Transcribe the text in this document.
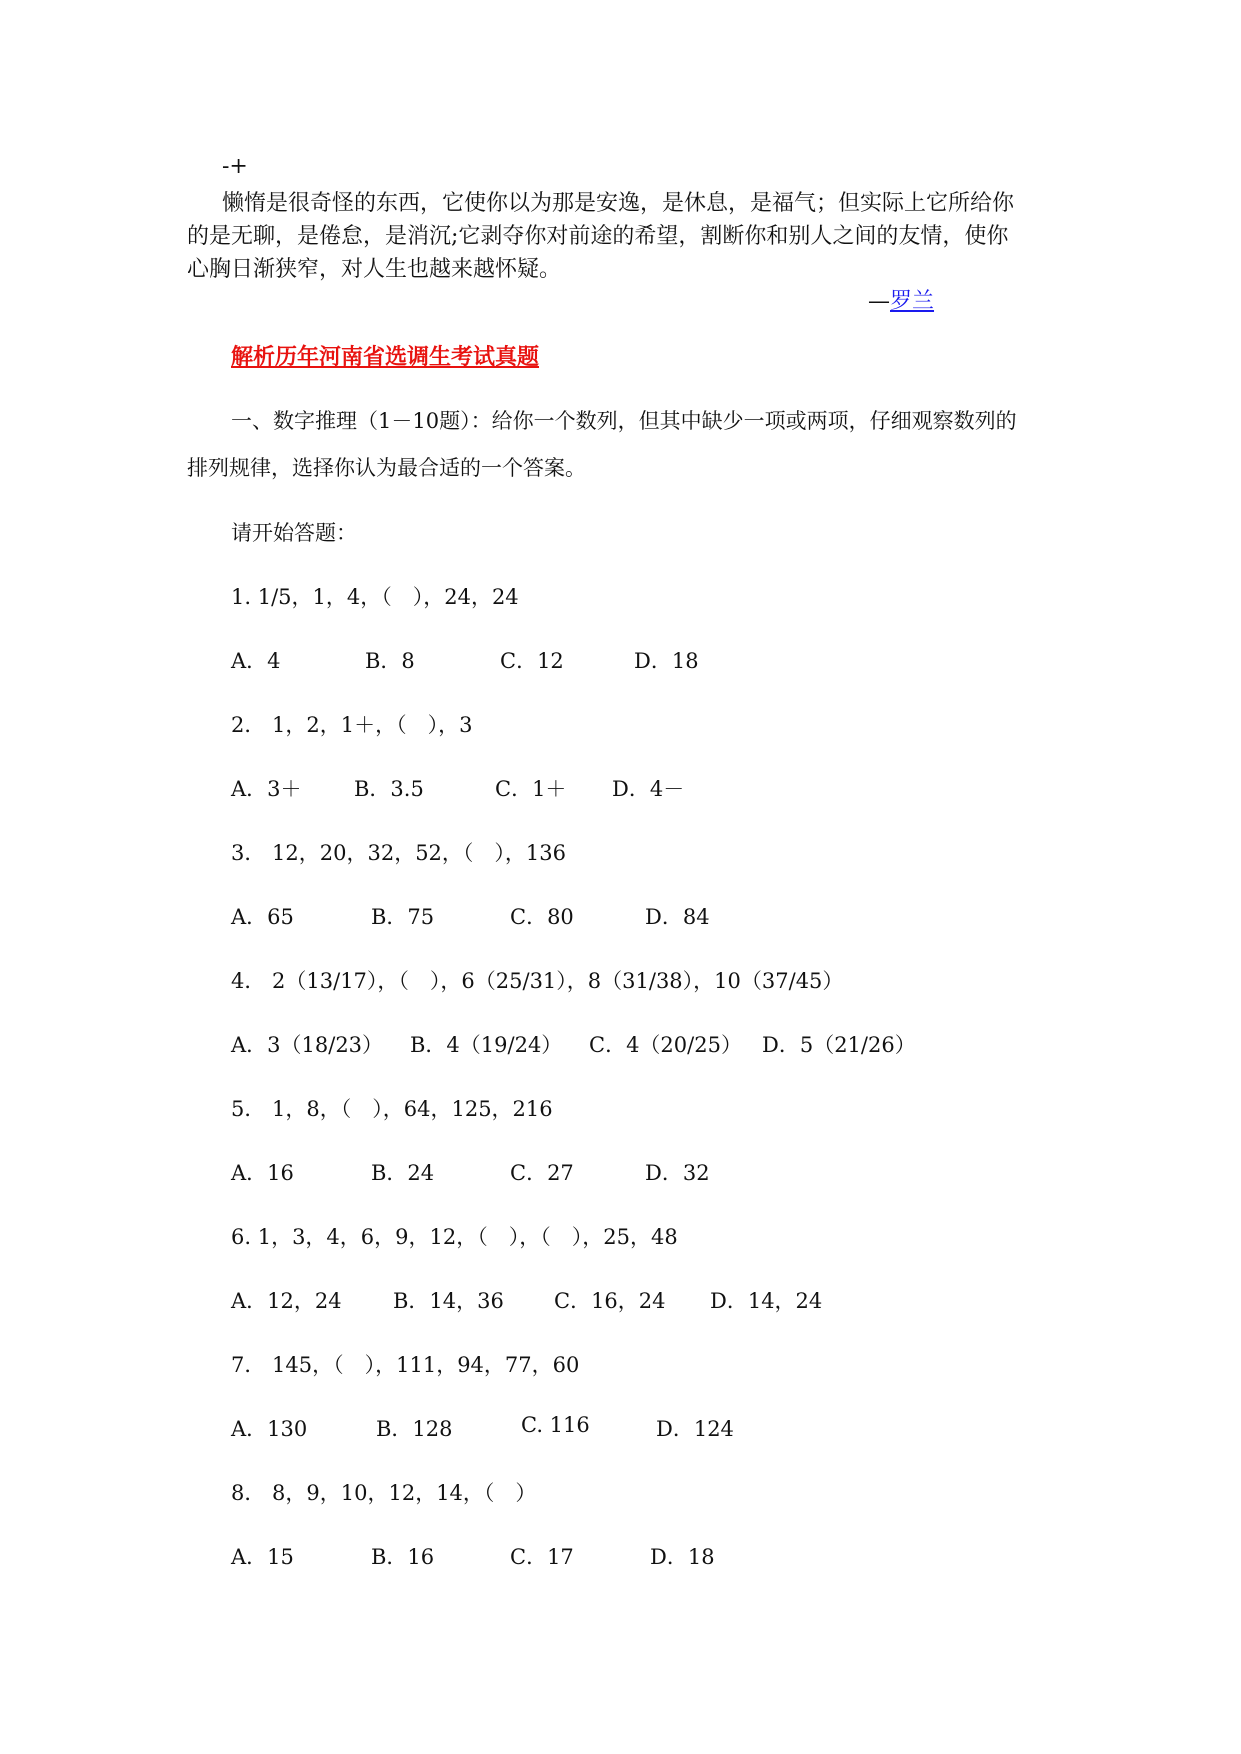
-+
懒惰是很奇怪的东西，它使你以为那是安逸，是休息，是福气；但实际上它所给你
的是无聊，是倦怠，是消沉;它剥夺你对前途的希望，割断你和别人之间的友情，使你
心胸日渐狭窄，对人生也越来越怀疑。
—罗兰
解析历年河南省选调生考试真题
一、数字推理（1－10题）：给你一个数列，但其中缺少一项或两项，仔细观察数列的
排列规律，选择你认为最合适的一个答案。
请开始答题：
1. 1/5，1，4，（　），24，24
A．4	B．8	C．12	D．18
2． 1，2，1＋，（　），3
A．3＋ B．3.5	C．1＋ D．4－
3． 12，20，32，52，（　），136
A．65	B．75	C．80	D．84
4． 2（13/17），（　），6（25/31），8（31/38），10（37/45）
A．3（18/23） B．4（19/24） C．4（20/25） D．5（21/26）
5． 1，8，（　），64，125，216
A．16	B．24	C．27	D．32
6. 1，3，4，6，9，12，（　），（　），25，48
A．12，24 B．14，36 C．16，24 D．14，24
7． 145，（　），111，94，77，60
A．130	B．128	C. 116	D．124
8． 8，9，10，12，14，（　）
A．15	B．16	C．17	D．18
